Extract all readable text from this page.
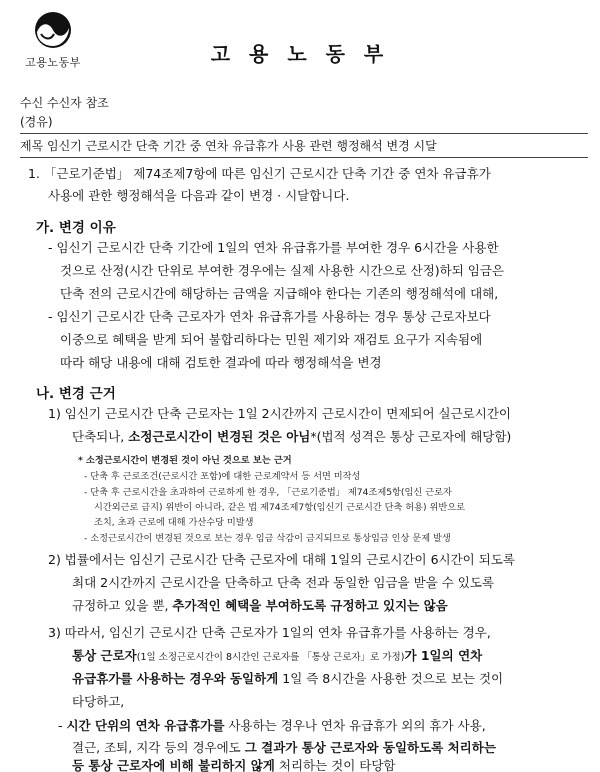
고용노동부	고 용 노 동 부
수신 수신자 참조
(경유)
제목 임신기 근로시간 단축 기간 중 연차 유급휴가 사용 관련 행정해석 변경 시달
1. 「근로기준법」 제74조제7항에 따른 임신기 근로시간 단축 기간 중 연차 유급휴가
사용에 관한 행정해석을 다음과 같이 변경 · 시달합니다.
가. 변경 이유
- 임신기 근로시간 단축 기간에 1일의 연차 유급휴가를 부여한 경우 6시간을 사용한
것으로 산정(시간 단위로 부여한 경우에는 실제 사용한 시간으로 산정)하되 임금은
단축 전의 근로시간에 해당하는 금액을 지급해야 한다는 기존의 행정해석에 대해,
- 임신기 근로시간 단축 근로자가 연차 유급휴가를 사용하는 경우 통상 근로자보다
이중으로 혜택을 받게 되어 불합리하다는 민원 제기와 재검토 요구가 지속됨에
따라 해당 내용에 대해 검토한 결과에 따라 행정해석을 변경
나. 변경 근거
1) 임신기 근로시간 단축 근로자는 1일 2시간까지 근로시간이 면제되어 실근로시간이
단축되나, 소정근로시간이 변경된 것은 아님*(법적 성격은 통상 근로자에 해당함)
* 소정근로시간이 변경된 것이 아닌 것으로 보는 근거
- 단축 후 근로조건(근로시간 포함)에 대한 근로계약서 등 서면 미작성
- 단축 후 근로시간을 초과하여 근로하게 한 경우, 「근로기준법」 제74조제5항(임신 근로자
시간외근로 금지) 위반이 아니라, 같은 법 제74조제7항(임신기 근로시간 단축 허용) 위반으로
조치, 초과 근로에 대해 가산수당 미발생
- 소정근로시간이 변경된 것으로 보는 경우 임금 삭감이 금지되므로 통상임금 인상 문제 발생
2) 법률에서는 임신기 근로시간 단축 근로자에 대해 1일의 근로시간이 6시간이 되도록
최대 2시간까지 근로시간을 단축하고 단축 전과 동일한 임금을 받을 수 있도록
규정하고 있을 뿐, 추가적인 혜택을 부여하도록 규정하고 있지는 않음
3) 따라서, 임신기 근로시간 단축 근로자가 1일의 연차 유급휴가를 사용하는 경우,
통상 근로자(1일 소정근로시간이 8시간인 근로자를 「통상 근로자」로 가정)가 1일의 연차
유급휴가를 사용하는 경우와 동일하게 1일 즉 8시간을 사용한 것으로 보는 것이
타당하고,
- 시간 단위의 연차 유급휴가를 사용하는 경우나 연차 유급휴가 외의 휴가 사용,
결근, 조퇴, 지각 등의 경우에도 그 결과가 통상 근로자와 동일하도록 처리하는
등 통상 근로자에 비해 불리하지 않게 처리하는 것이 타당함
